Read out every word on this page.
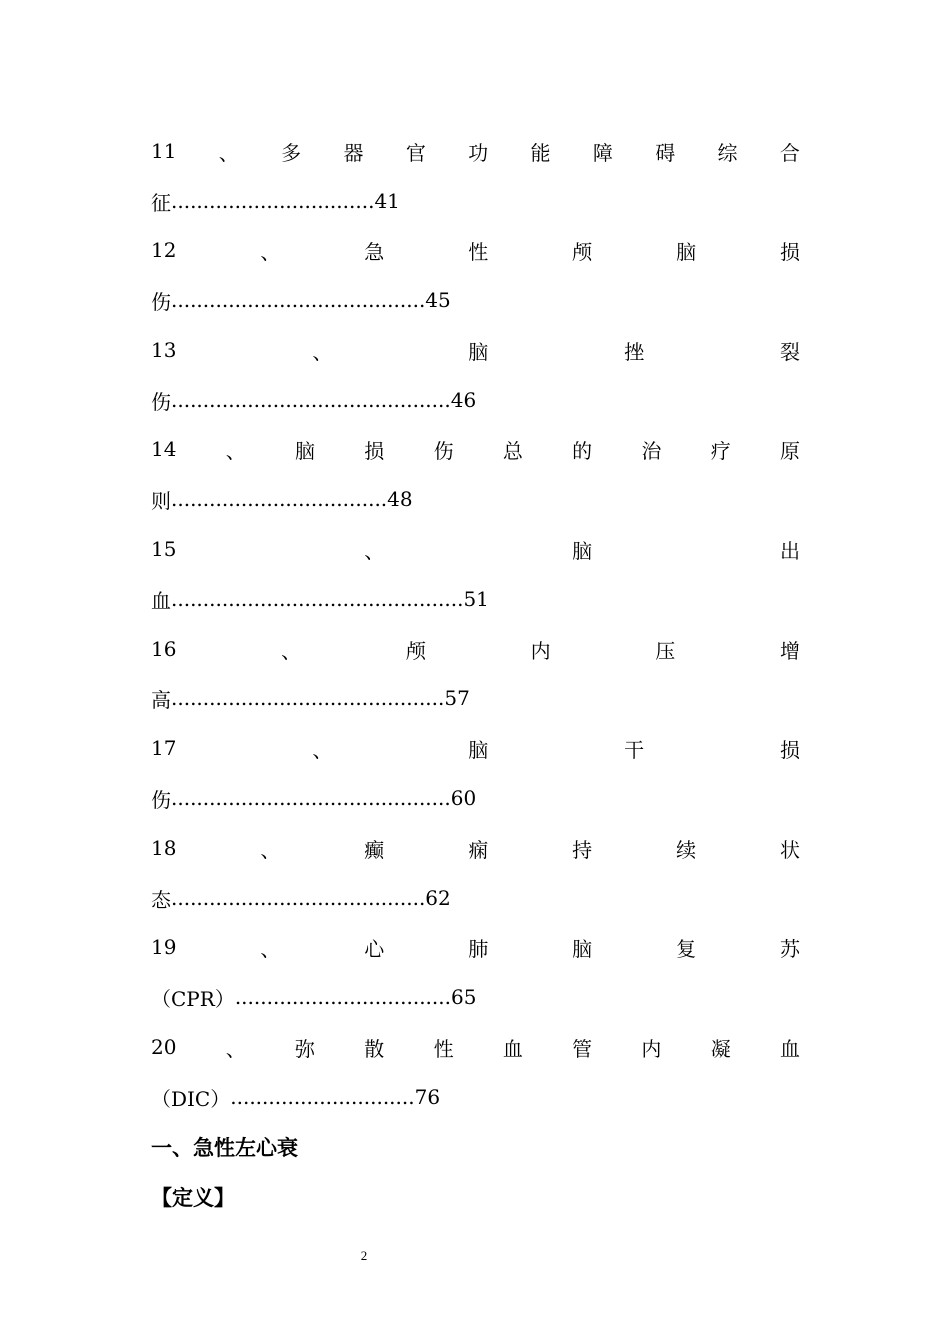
11 、 多 器 官 功 能 障 碍 综 合
征 ................................ 41
12	、	急	性	颅	脑	损
伤 ........................................ 45
13	、	脑	挫	裂
伤 ............................................ 46
14 、 脑 损 伤 总 的 治 疗 原
则 .................................. 48
15	、	脑	出
血 .............................................. 51
16	、	颅	内	压	增
高 ........................................... 57
17	、	脑	干	损
伤 ............................................ 60
18	、	癫	痫	持	续	状
态 ........................................ 62
19	、	心	肺	脑	复	苏
（CPR） .................................. 65
20 、 弥 散 性 血 管 内 凝 血
（DIC） ............................. 76
一、急性左心衰
【定义】
2
